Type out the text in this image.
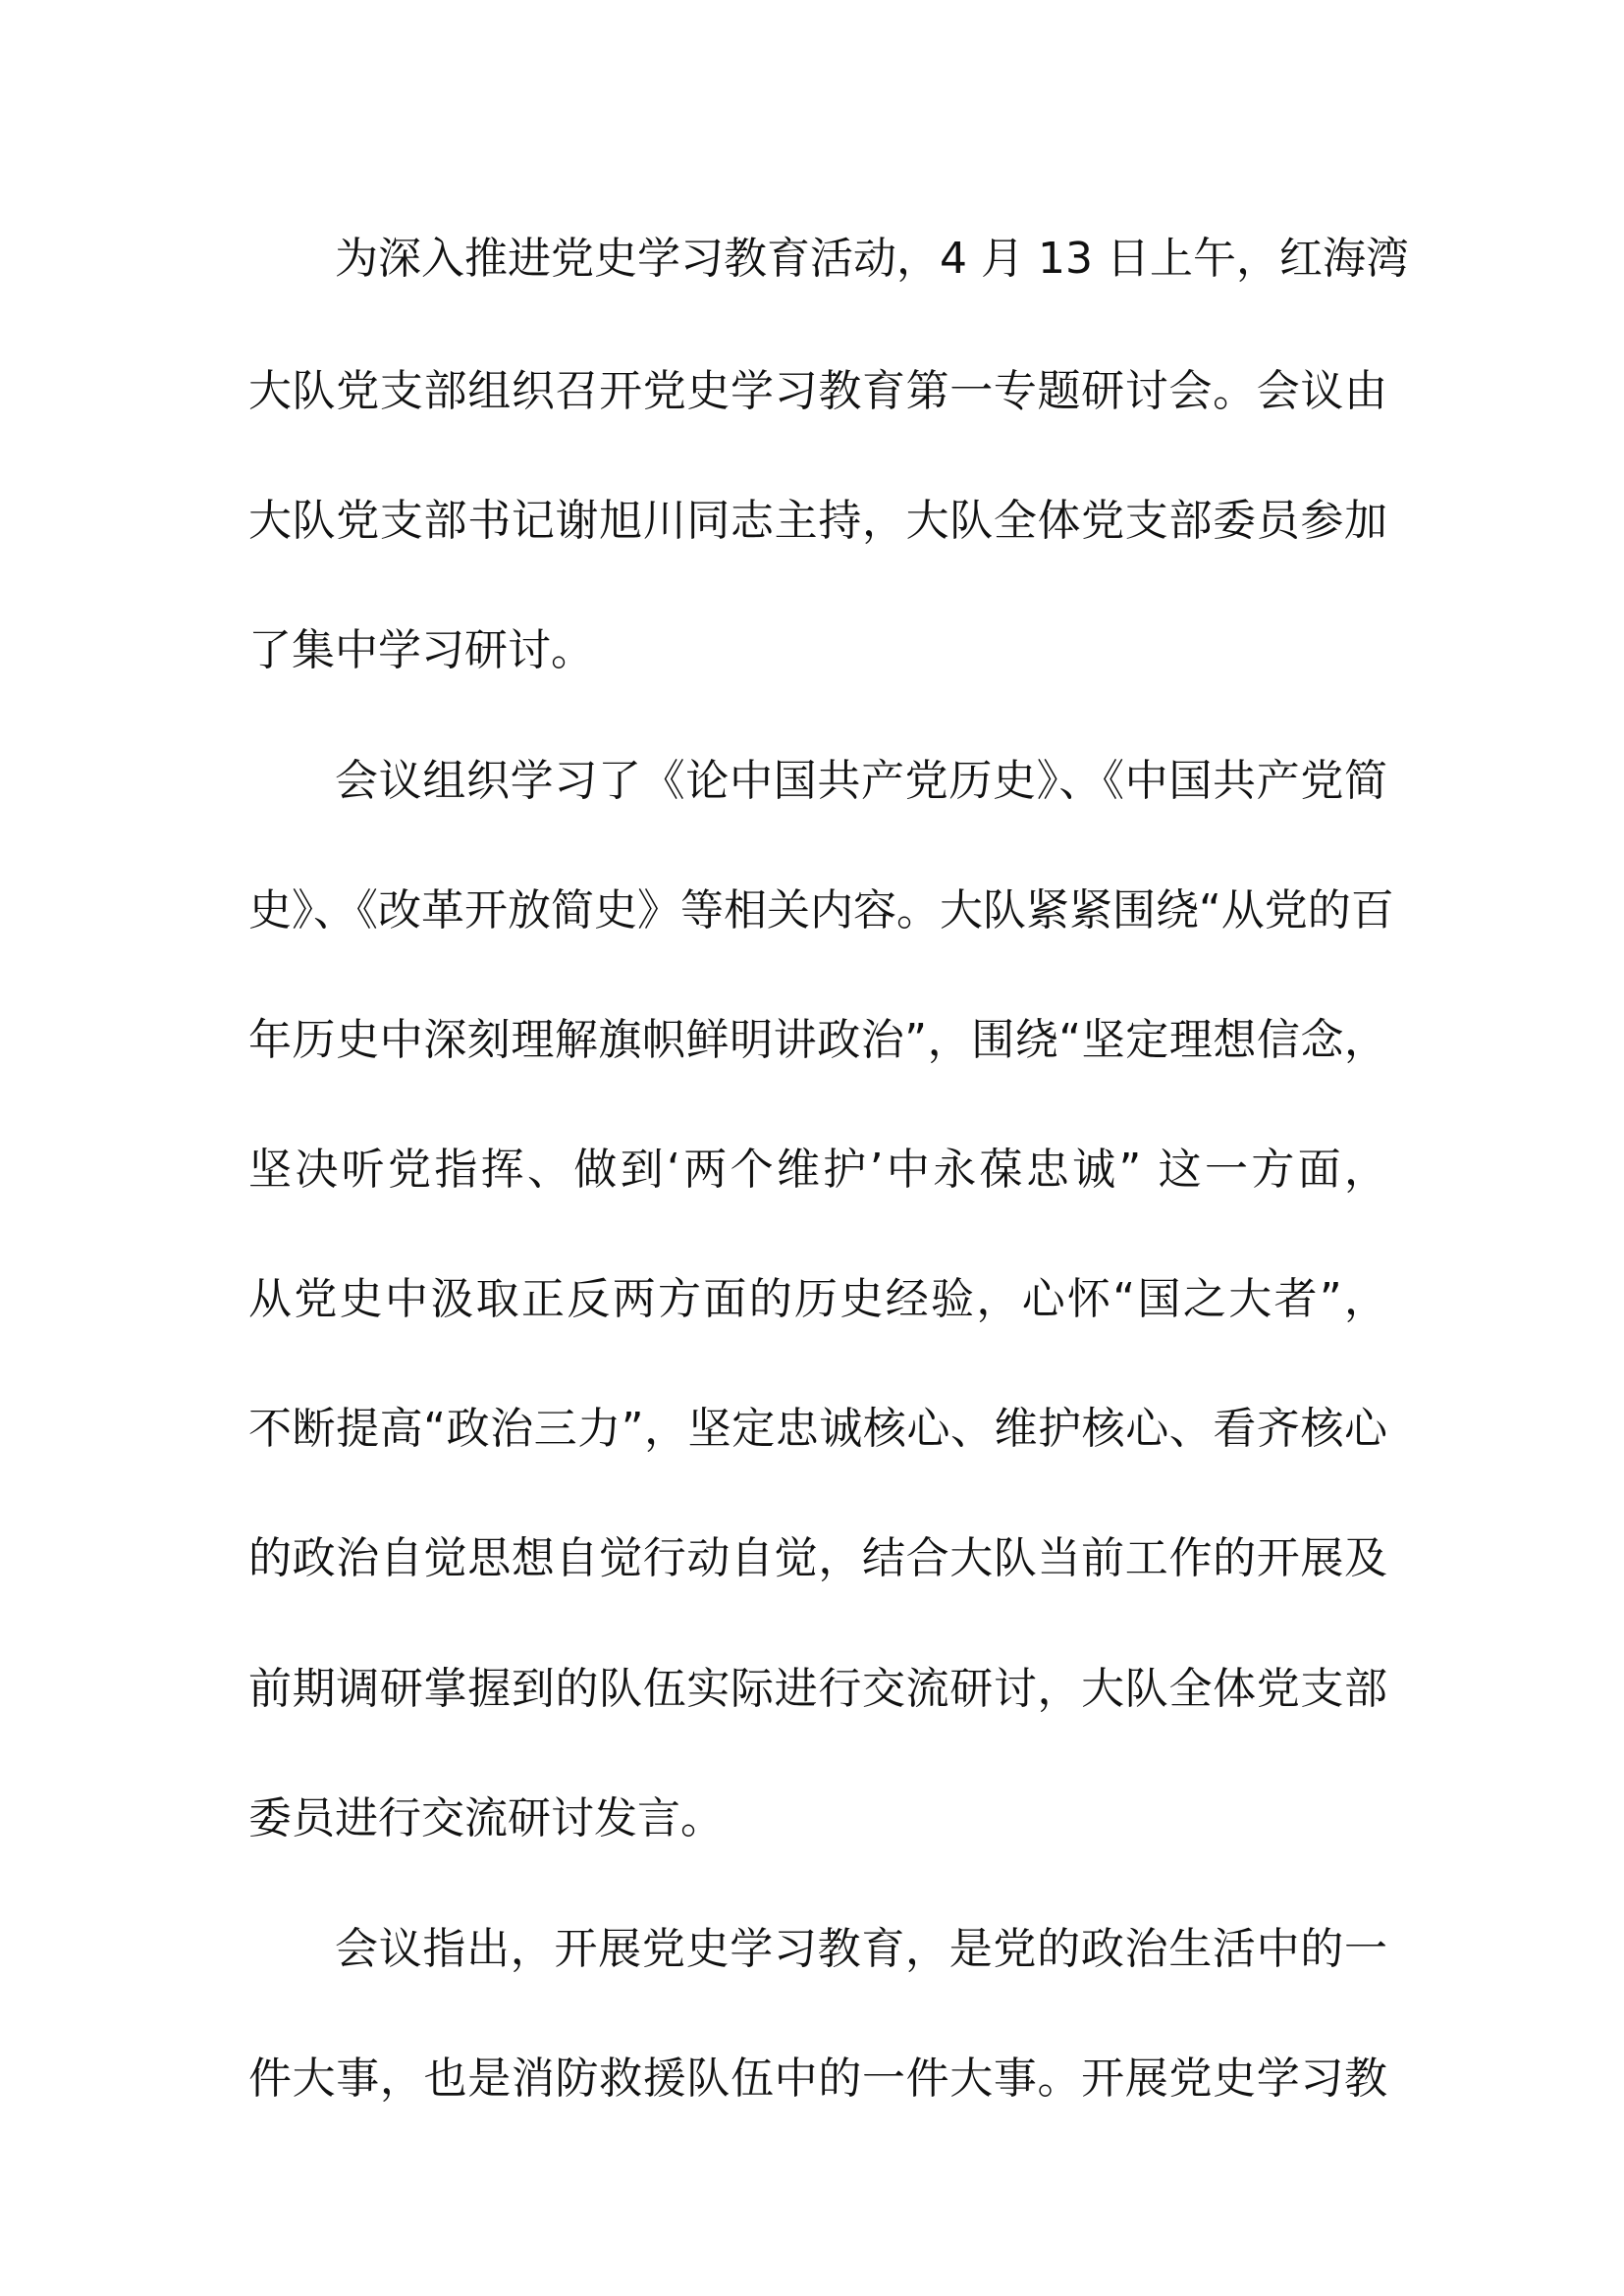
为深入推进党史学习教育活动，4 月 13 日上午，红海湾
大队党支部组织召开党史学习教育第一专题研讨会。会议由
大队党支部书记谢旭川同志主持，大队全体党支部委员参加
了集中学习研讨。
会议组织学习了《论中国共产党历史》、《中国共产党简
史》、《改革开放简史》等相关内容。大队紧紧围绕“从党的百
年历史中深刻理解旗帜鲜明讲政治”，围绕“坚定理想信念，
坚决听党指挥、做到‘两个维护’中永葆忠诚” 这一方面，
从党史中汲取正反两方面的历史经验，心怀“国之大者”，
不断提高“政治三力”，坚定忠诚核心、维护核心、看齐核心
的政治自觉思想自觉行动自觉，结合大队当前工作的开展及
前期调研掌握到的队伍实际进行交流研讨，大队全体党支部
委员进行交流研讨发言。
会议指出，开展党史学习教育，是党的政治生活中的一
件大事，也是消防救援队伍中的一件大事。开展党史学习教
